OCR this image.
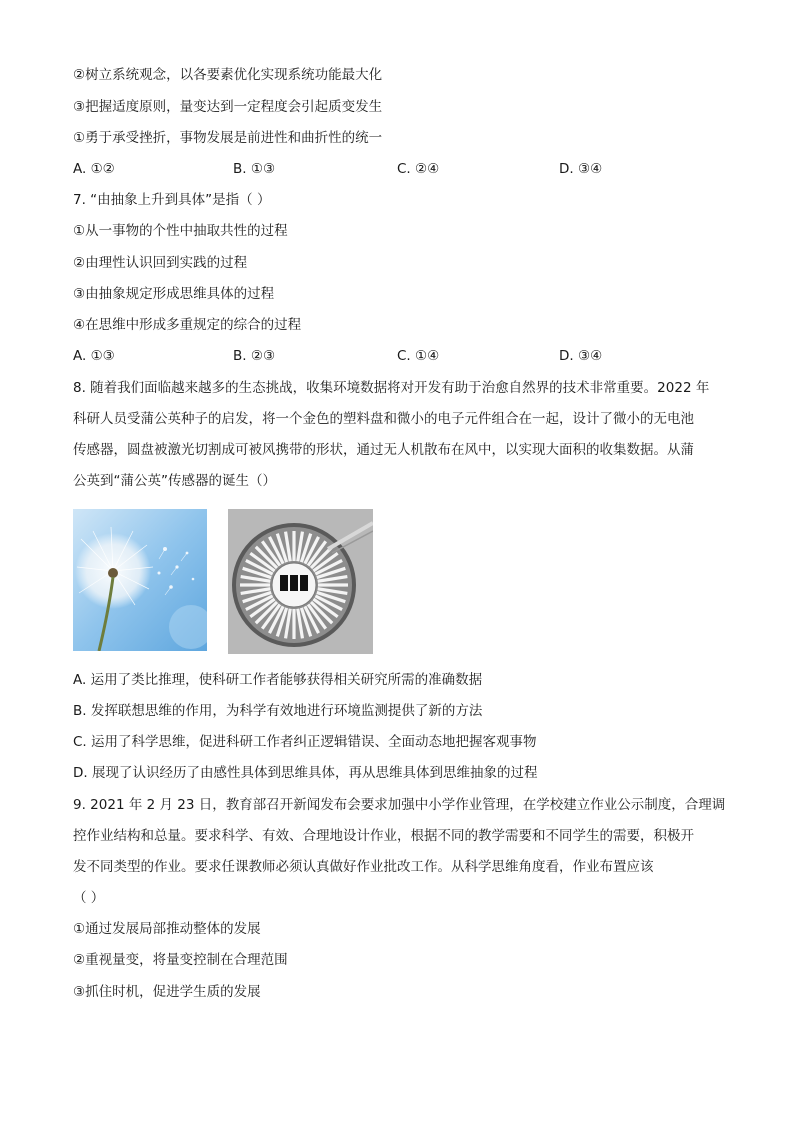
②树立系统观念，以各要素优化实现系统功能最大化
③把握适度原则，量变达到一定程度会引起质变发生
①勇于承受挫折，事物发展是前进性和曲折性的统一
A. ①②	B. ①③	C. ②④	D. ③④
7. “由抽象上升到具体”是指（ ）
①从一事物的个性中抽取共性的过程
②由理性认识回到实践的过程
③由抽象规定形成思维具体的过程
④在思维中形成多重规定的综合的过程
A. ①③	B. ②③	C. ①④	D. ③④
8. 随着我们面临越来越多的生态挑战，收集环境数据将对开发有助于治愈自然界的技术非常重要。2022 年
科研人员受蒲公英种子的启发，将一个金色的塑料盘和微小的电子元件组合在一起，设计了微小的无电池
传感器，圆盘被激光切割成可被风携带的形状，通过无人机散布在风中，以实现大面积的收集数据。从蒲
公英到“蒲公英”传感器的诞生（）
A. 运用了类比推理，使科研工作者能够获得相关研究所需的准确数据
B. 发挥联想思维的作用，为科学有效地进行环境监测提供了新的方法
C. 运用了科学思维，促进科研工作者纠正逻辑错误、全面动态地把握客观事物
D. 展现了认识经历了由感性具体到思维具体，再从思维具体到思维抽象的过程
9. 2021 年 2 月 23 日，教育部召开新闻发布会要求加强中小学作业管理，在学校建立作业公示制度，合理调
控作业结构和总量。要求科学、有效、合理地设计作业，根据不同的教学需要和不同学生的需要，积极开
发不同类型的作业。要求任课教师必须认真做好作业批改工作。从科学思维角度看，作业布置应该
（ ）
①通过发展局部推动整体的发展
②重视量变，将量变控制在合理范围
③抓住时机，促进学生质的发展
